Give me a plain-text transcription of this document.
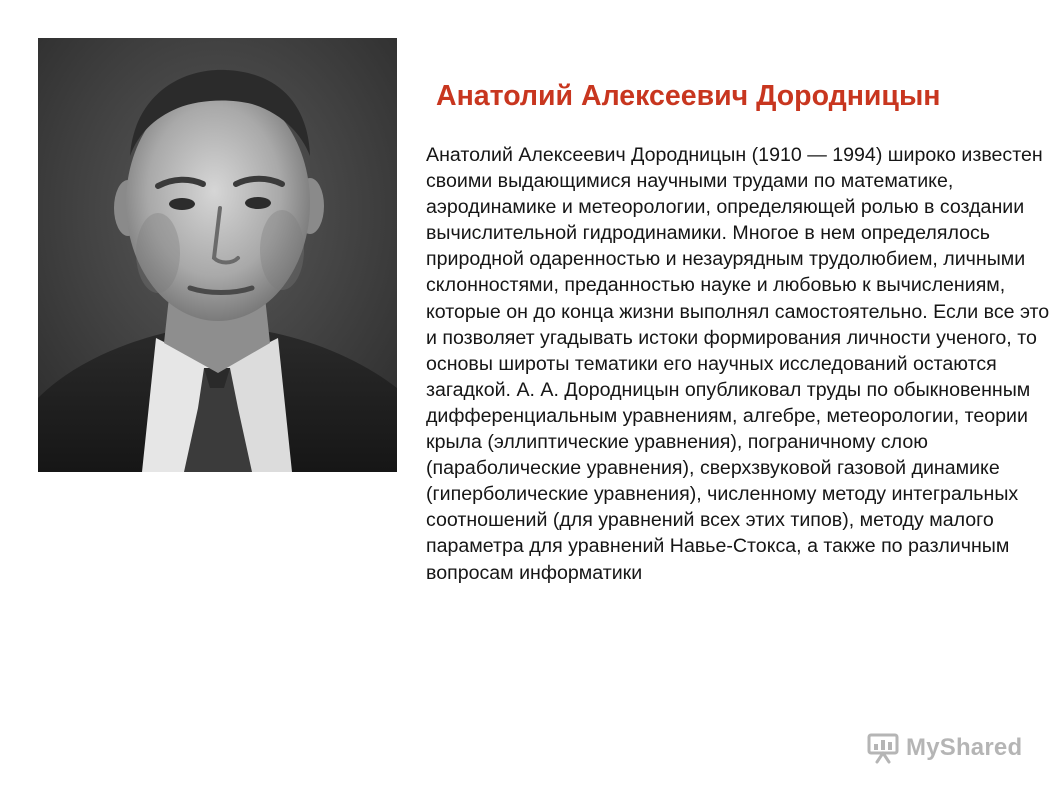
Анатолий Алексеевич Дородницын
Анатолий Алексеевич Дородницын (1910 — 1994) широко известен своими выдающимися научными трудами по математике, аэродинамике и метеорологии, определяющей ролью в создании вычислительной гидродинамики. Многое в нем определялось природной одаренностью и незаурядным трудолюбием, личными склонностями, преданностью науке и любовью к вычислениям, которые он до конца жизни выполнял самостоятельно. Если все это и позволяет угадывать истоки формирования личности ученого, то основы широты тематики его научных исследований остаются загадкой. А. А. Дородницын опубликовал труды по обыкновенным дифференциальным уравнениям, алгебре, метеорологии, теории крыла (эллиптические уравнения), пограничному слою (параболические уравнения), сверхзвуковой газовой динамике (гиперболические уравнения), численному методу интегральных соотношений (для уравнений всех этих типов), методу малого параметра для уравнений Навье-Стокса, а также по различным вопросам информатики
MyShared
